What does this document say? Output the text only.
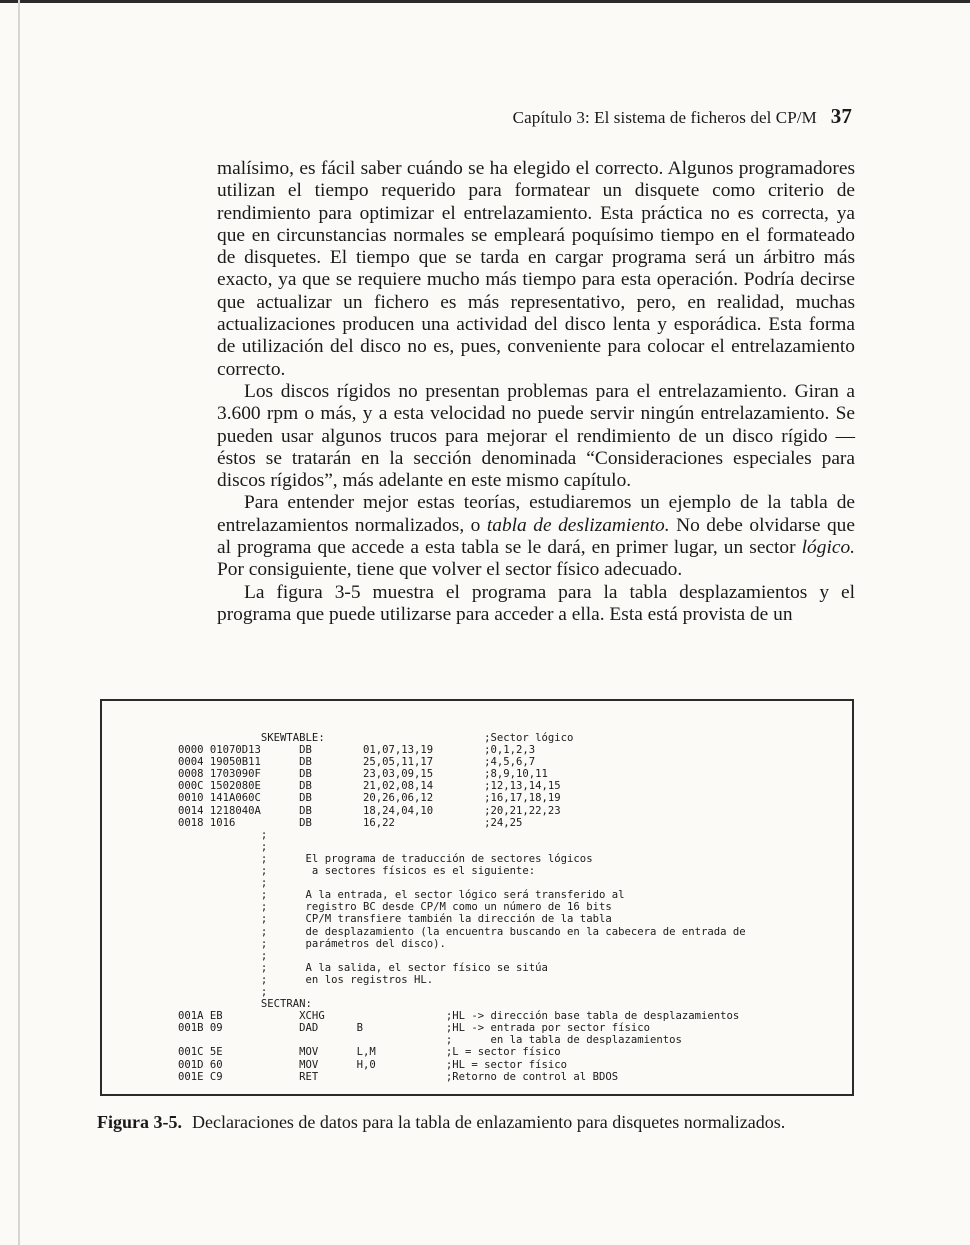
Capítulo 3: El sistema de ficheros del CP/M 37

malísimo, es fácil saber cuándo se ha elegido el correcto. Algunos programadores utilizan el tiempo requerido para formatear un disquete como criterio de rendimiento para optimizar el entrelazamiento. Esta práctica no es correcta, ya que en circunstancias normales se empleará poquísimo tiempo en el formateado de disquetes. El tiempo que se tarda en cargar programa será un árbitro más exacto, ya que se requiere mucho más tiempo para esta operación. Podría decirse que actualizar un fichero es más representativo, pero, en realidad, muchas actualizaciones producen una actividad del disco lenta y esporádica. Esta forma de utilización del disco no es, pues, conveniente para colocar el entrelazamiento correcto.

Los discos rígidos no presentan problemas para el entrelazamiento. Giran a 3.600 rpm o más, y a esta velocidad no puede servir ningún entrelazamiento. Se pueden usar algunos trucos para mejorar el rendimiento de un disco rígido —éstos se tratarán en la sección denominada “Consideraciones especiales para discos rígidos”, más adelante en este mismo capítulo.

Para entender mejor estas teorías, estudiaremos un ejemplo de la tabla de entrelazamientos normalizados, o tabla de deslizamiento. No debe olvidarse que al programa que accede a esta tabla se le dará, en primer lugar, un sector lógico. Por consiguiente, tiene que volver el sector físico adecuado.

La figura 3-5 muestra el programa para la tabla desplazamientos y el programa que puede utilizarse para acceder a ella. Esta está provista de un

SKEWTABLE:                         ;Sector lógico
0000 01070D13      DB        01,07,13,19        ;0,1,2,3
0004 19050B11      DB        25,05,11,17        ;4,5,6,7
0008 1703090F      DB        23,03,09,15        ;8,9,10,11
000C 1502080E      DB        21,02,08,14        ;12,13,14,15
0010 141A060C      DB        20,26,06,12        ;16,17,18,19
0014 1218040A      DB        18,24,04,10        ;20,21,22,23
0018 1016          DB        16,22              ;24,25
;
;
;      El programa de traducción de sectores lógicos
;       a sectores físicos es el siguiente:
;
;      A la entrada, el sector lógico será transferido al
;      registro BC desde CP/M como un número de 16 bits
;      CP/M transfiere también la dirección de la tabla
;      de desplazamiento (la encuentra buscando en la cabecera de entrada de
;      parámetros del disco).
;
;      A la salida, el sector físico se sitúa
;      en los registros HL.
;
SECTRAN:
001A EB            XCHG                   ;HL -> dirección base tabla de desplazamientos
001B 09            DAD      B             ;HL -> entrada por sector físico
;      en la tabla de desplazamientos
001C 5E            MOV      L,M           ;L = sector físico
001D 60            MOV      H,0           ;HL = sector físico
001E C9            RET                    ;Retorno de control al BDOS
Figura 3-5. Declaraciones de datos para la tabla de enlazamiento para disquetes normalizados.
